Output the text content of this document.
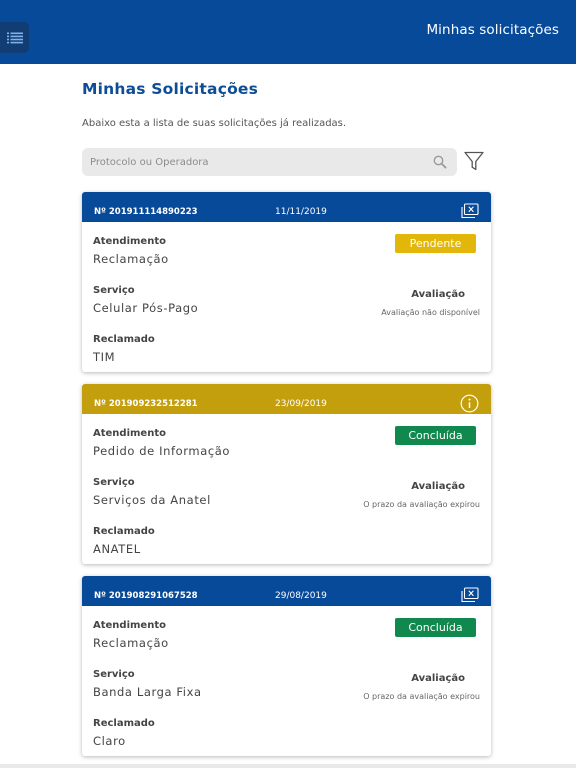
Minhas solicitações
Minhas Solicitações
Abaixo esta a lista de suas solicitações já realizadas.
Protocolo ou Operadora
Nº 201911114890223	11/11/2019
Atendimento
Reclamação
Pendente
Serviço
Celular Pós-Pago
Avaliação
Avaliação não disponível
Reclamado
TIM
Nº 201909232512281	23/09/2019
Atendimento
Pedido de Informação
Concluída
Serviço
Serviços da Anatel
Avaliação
O prazo da avaliação expirou
Reclamado
ANATEL
Nº 201908291067528	29/08/2019
Atendimento
Reclamação
Concluída
Serviço
Banda Larga Fixa
Avaliação
O prazo da avaliação expirou
Reclamado
Claro
